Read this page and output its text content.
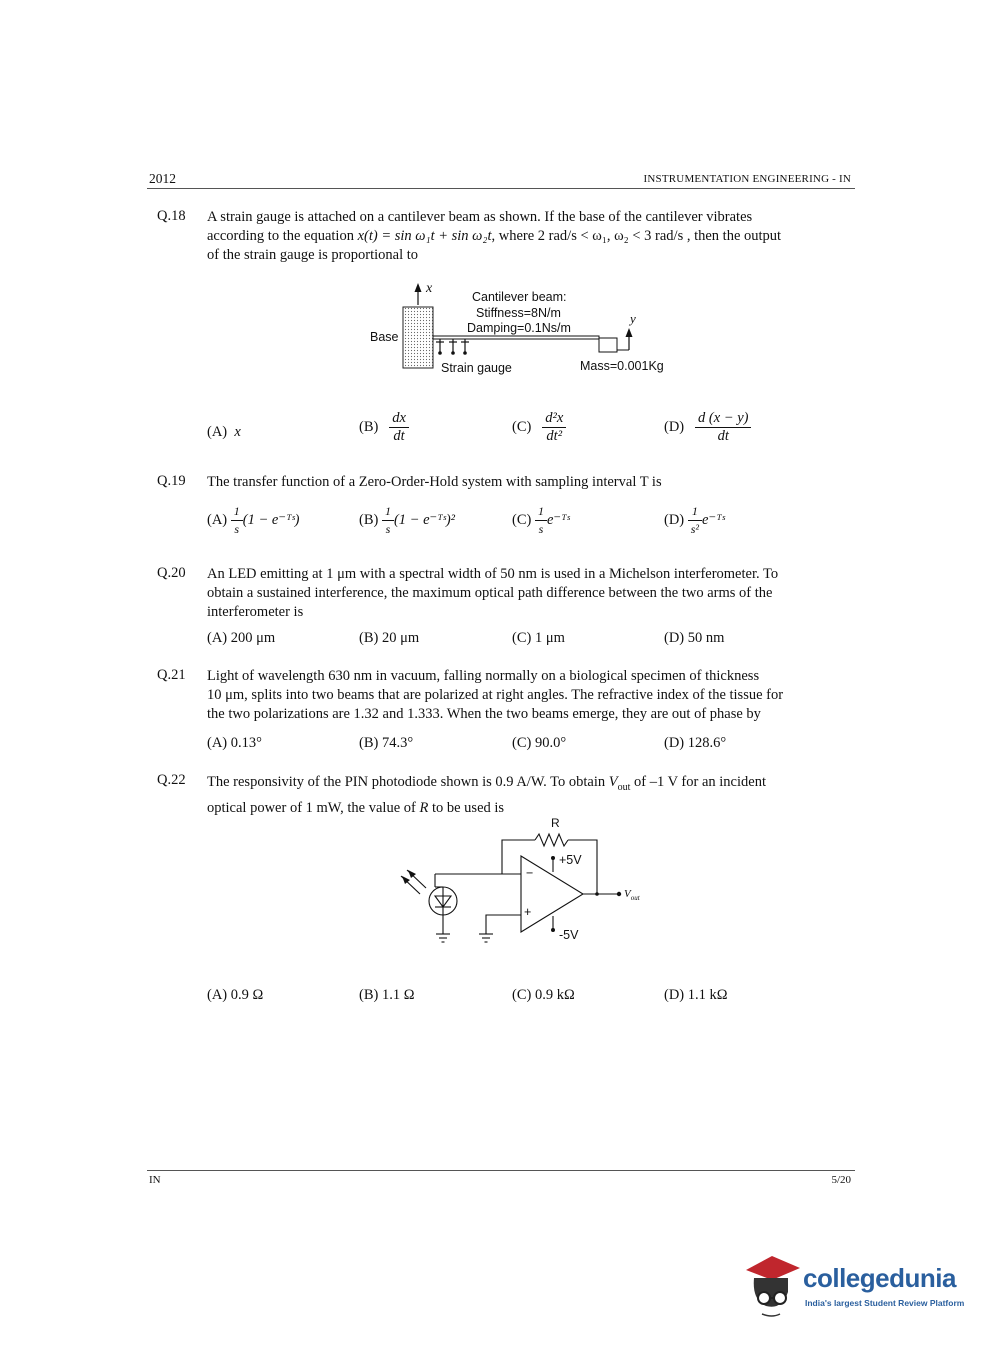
2012	INSTRUMENTATION ENGINEERING - IN
Q.18 A strain gauge is attached on a cantilever beam as shown. If the base of the cantilever vibrates
according to the equation x(t) = sin ω₁t + sin ω₂t, where 2 rad/s < ω₁, ω₂ < 3 rad/s , then the output
of the strain gauge is proportional to
x
y
Cantilever beam:
Stiffness=8N/m
Damping=0.1Ns/m
Base
Strain gauge	Mass=0.001Kg
(A) x	$(B) \frac{dx}{dt}$	$(C) \frac{\text{d²x}}{\text{dt²}}$	$(D) \frac{d (x - y)}{dt}$
Q.19 The transfer function of a Zero-Order-Hold system with sampling interval T is
$(A) \frac{1}{s} (1$ − e⁻ᵀˢ)	$(B) \frac{1}{s} (1$ − e⁻ᵀˢ)²	$(C) \frac{1}{s}$ e⁻ᵀˢ	$(D) \frac{1}{\text{s²}}$ e⁻ᵀˢ
Q.20 An LED emitting at 1 μm with a spectral width of 50 nm is used in a Michelson interferometer. To
obtain a sustained interference, the maximum optical path difference between the two arms of the
interferometer is
(A) 200 μm	(B) 20 μm	(C) 1 μm	(D) 50 nm
Q.21 Light of wavelength 630 nm in vacuum, falling normally on a biological specimen of thickness
10 μm, splits into two beams that are polarized at right angles. The refractive index of the tissue for
the two polarizations are 1.32 and 1.333. When the two beams emerge, they are out of phase by
(A) 0.13°	(B) 74.3°	(C) 90.0°	(D) 128.6°
Q.22 The responsivity of the PIN photodiode shown is 0.9 A/W. To obtain $V_{out}$ of –1 V for an incident
optical power of 1 mW, the value of R to be used is
R
+5V
-5V
−
+
$V_{out}$
(A) 0.9 Ω	(B) 1.1 Ω	(C) 0.9 kΩ	(D) 1.1 kΩ
IN	5/20
collegedunia
India's largest Student Review Platform
